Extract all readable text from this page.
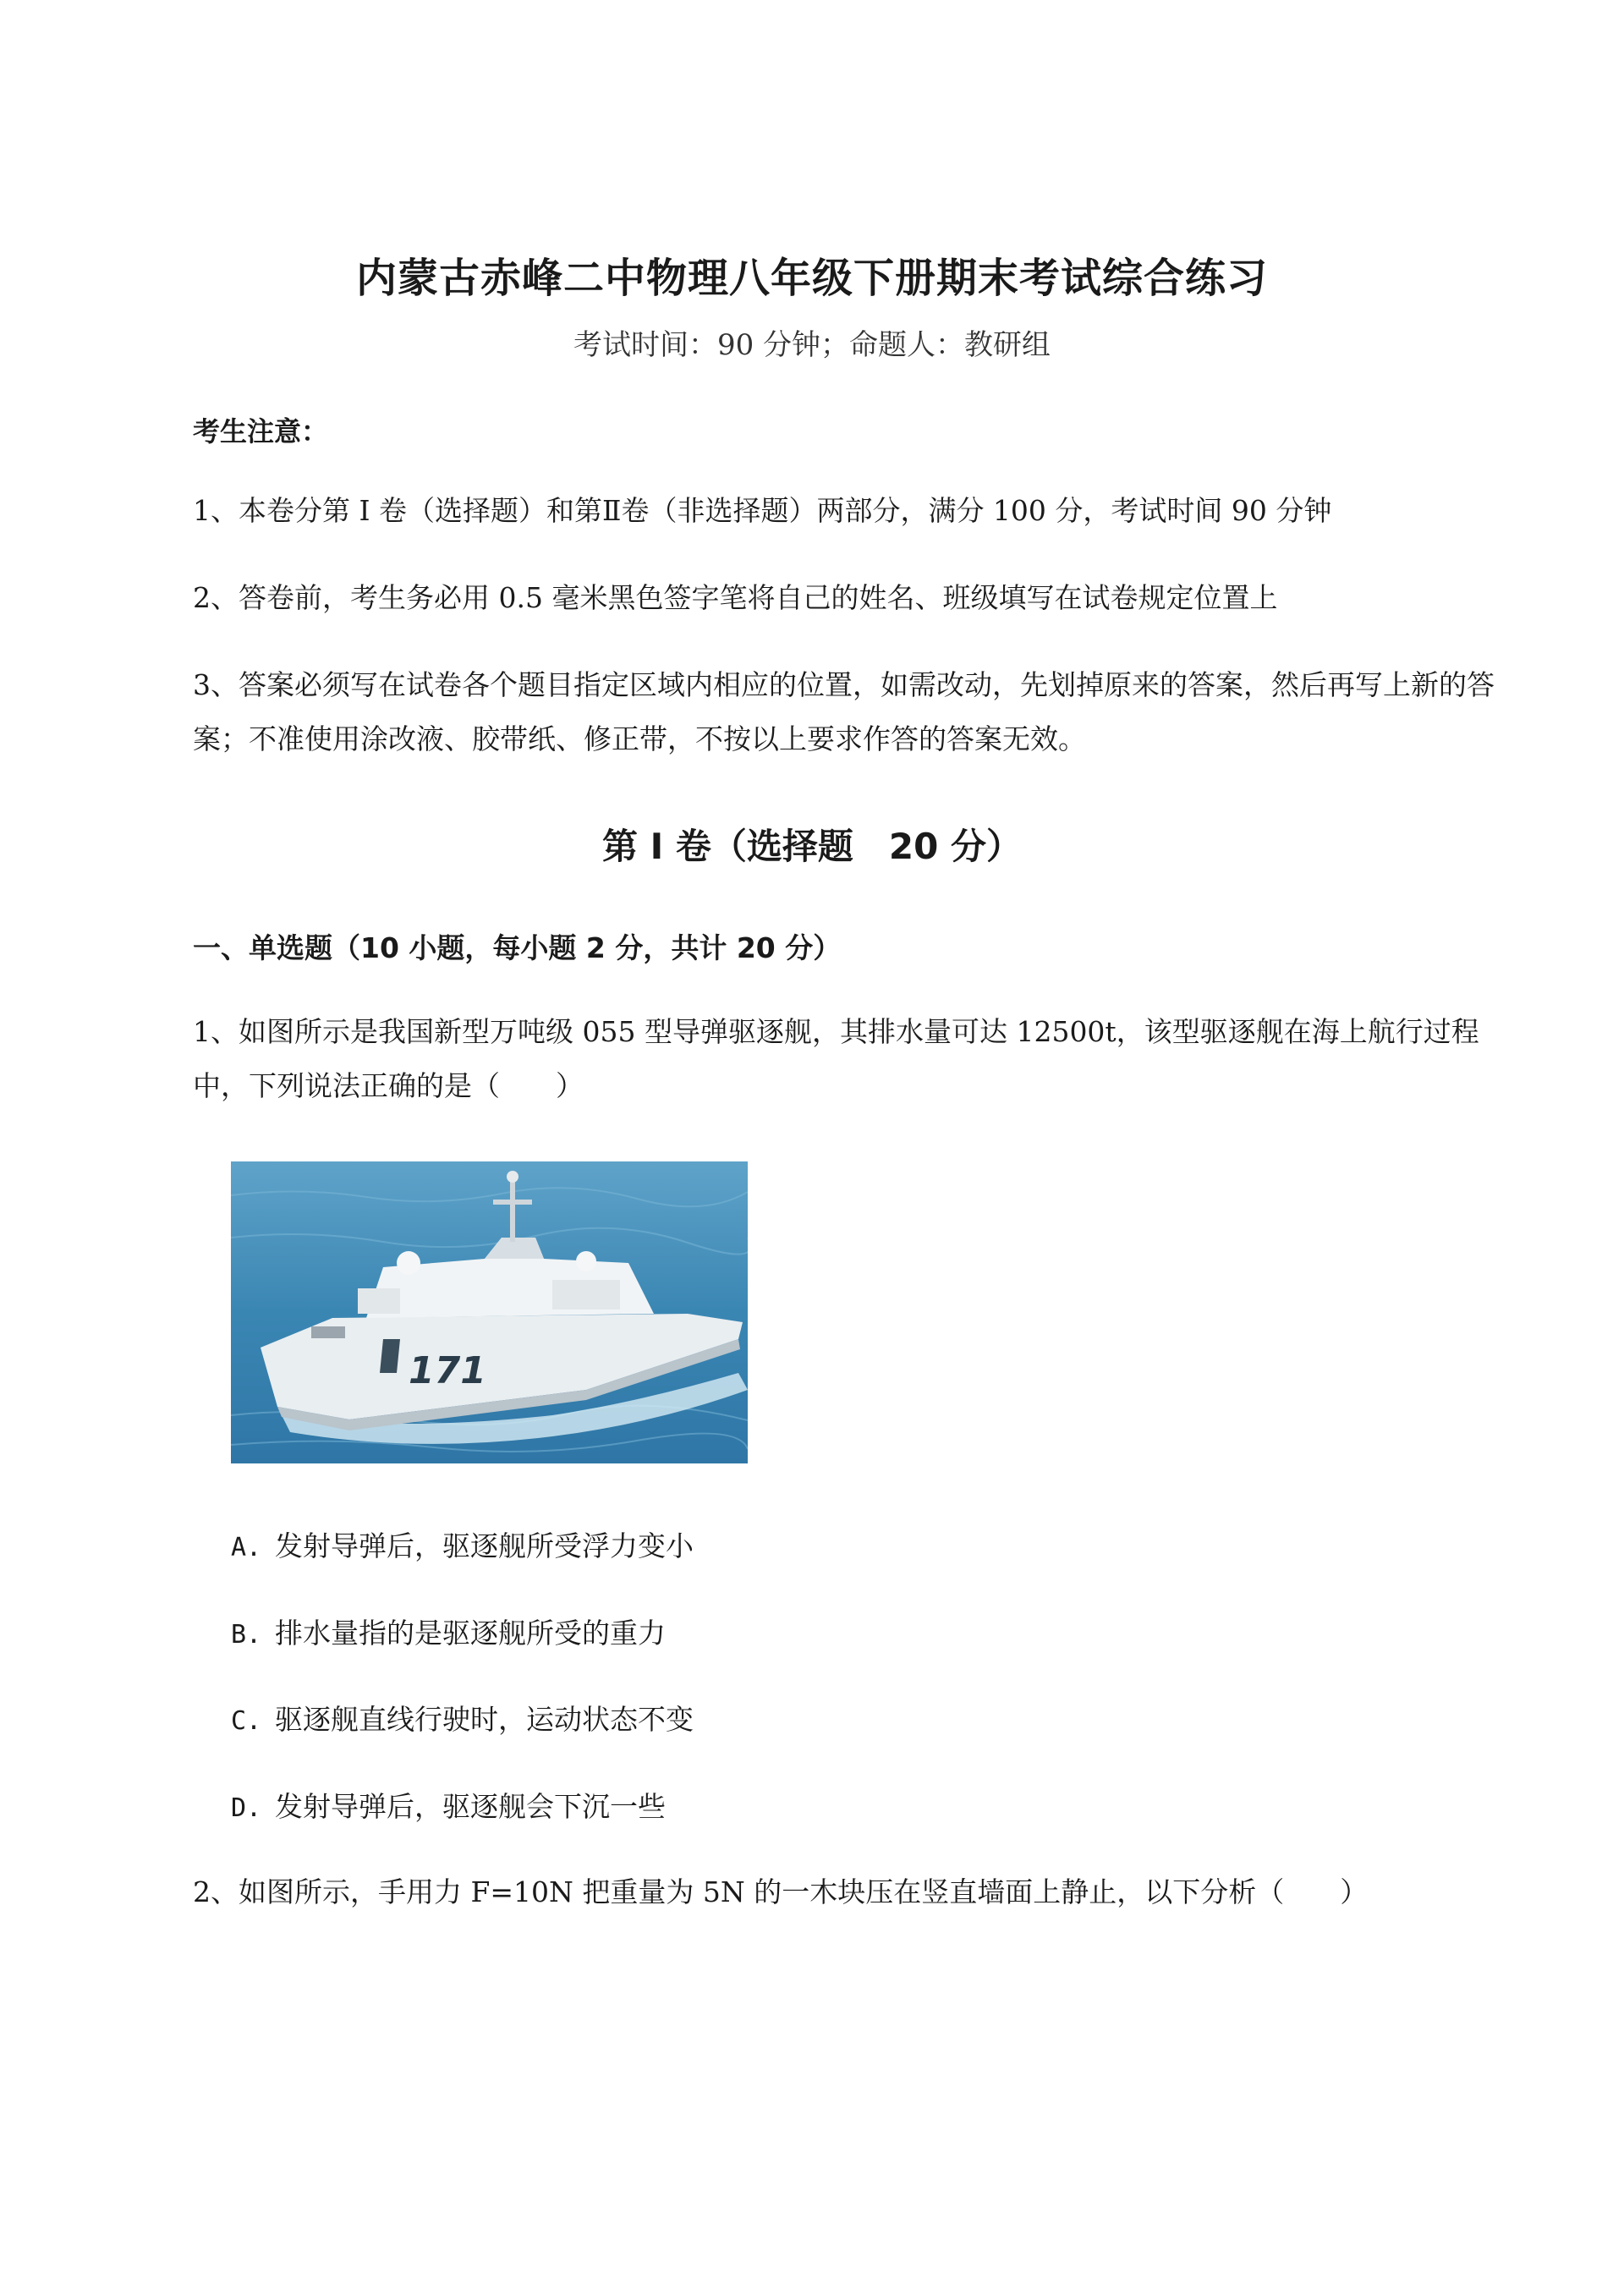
内蒙古赤峰二中物理八年级下册期末考试综合练习
考试时间：90 分钟；命题人：教研组
考生注意：
1、本卷分第 I 卷（选择题）和第Ⅱ卷（非选择题）两部分，满分 100 分，考试时间 90 分钟
2、答卷前，考生务必用 0.5 毫米黑色签字笔将自己的姓名、班级填写在试卷规定位置上
3、答案必须写在试卷各个题目指定区域内相应的位置，如需改动，先划掉原来的答案，然后再写上新的答案；不准使用涂改液、胶带纸、修正带，不按以上要求作答的答案无效。
第 I 卷（选择题　20 分）
一、单选题（10 小题，每小题 2 分，共计 20 分）
1、如图所示是我国新型万吨级 055 型导弹驱逐舰，其排水量可达 12500t，该型驱逐舰在海上航行过程中，下列说法正确的是（　　）
171
A. 发射导弹后，驱逐舰所受浮力变小
B. 排水量指的是驱逐舰所受的重力
C. 驱逐舰直线行驶时，运动状态不变
D. 发射导弹后，驱逐舰会下沉一些
2、如图所示，手用力 F=10N 把重量为 5N 的一木块压在竖直墙面上静止，以下分析（　　）
